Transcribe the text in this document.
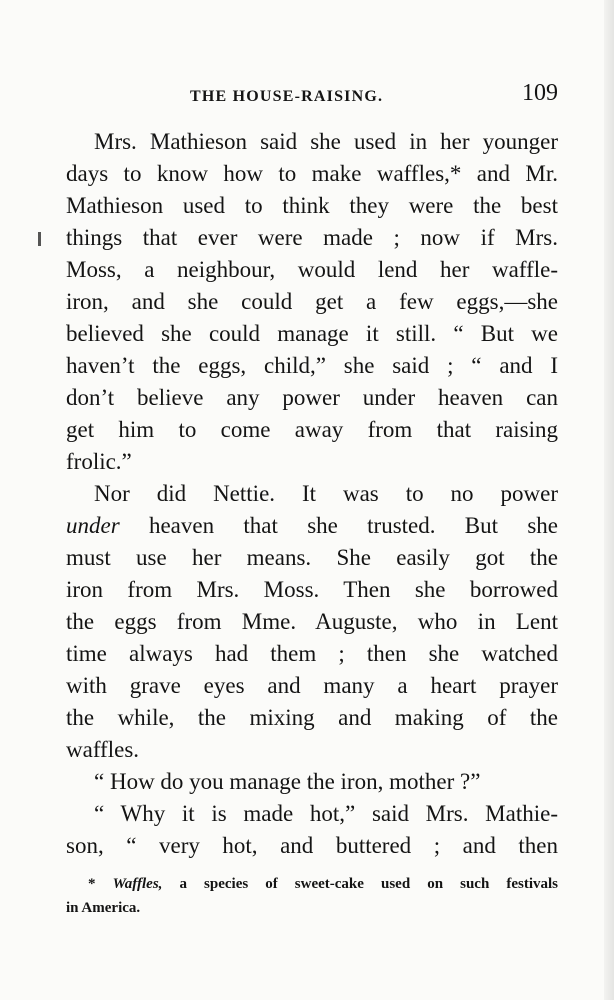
THE HOUSE-RAISING.	109
Mrs. Mathieson said she used in her younger
days to know how to make waffles,* and Mr.
Mathieson used to think they were the best
things that ever were made ; now if Mrs.
Moss, a neighbour, would lend her waffle-
iron, and she could get a few eggs,—she
believed she could manage it still. “ But we
haven’t the eggs, child,” she said ; “ and I
don’t believe any power under heaven can
get him to come away from that raising
frolic.”
Nor did Nettie. It was to no power
under heaven that she trusted. But she
must use her means. She easily got the
iron from Mrs. Moss. Then she borrowed
the eggs from Mme. Auguste, who in Lent
time always had them ; then she watched
with grave eyes and many a heart prayer
the while, the mixing and making of the
waffles.
“ How do you manage the iron, mother ?”
“ Why it is made hot,” said Mrs. Mathie-
son, “ very hot, and buttered ; and then
* Waffles, a species of sweet-cake used on such festivals
in America.
